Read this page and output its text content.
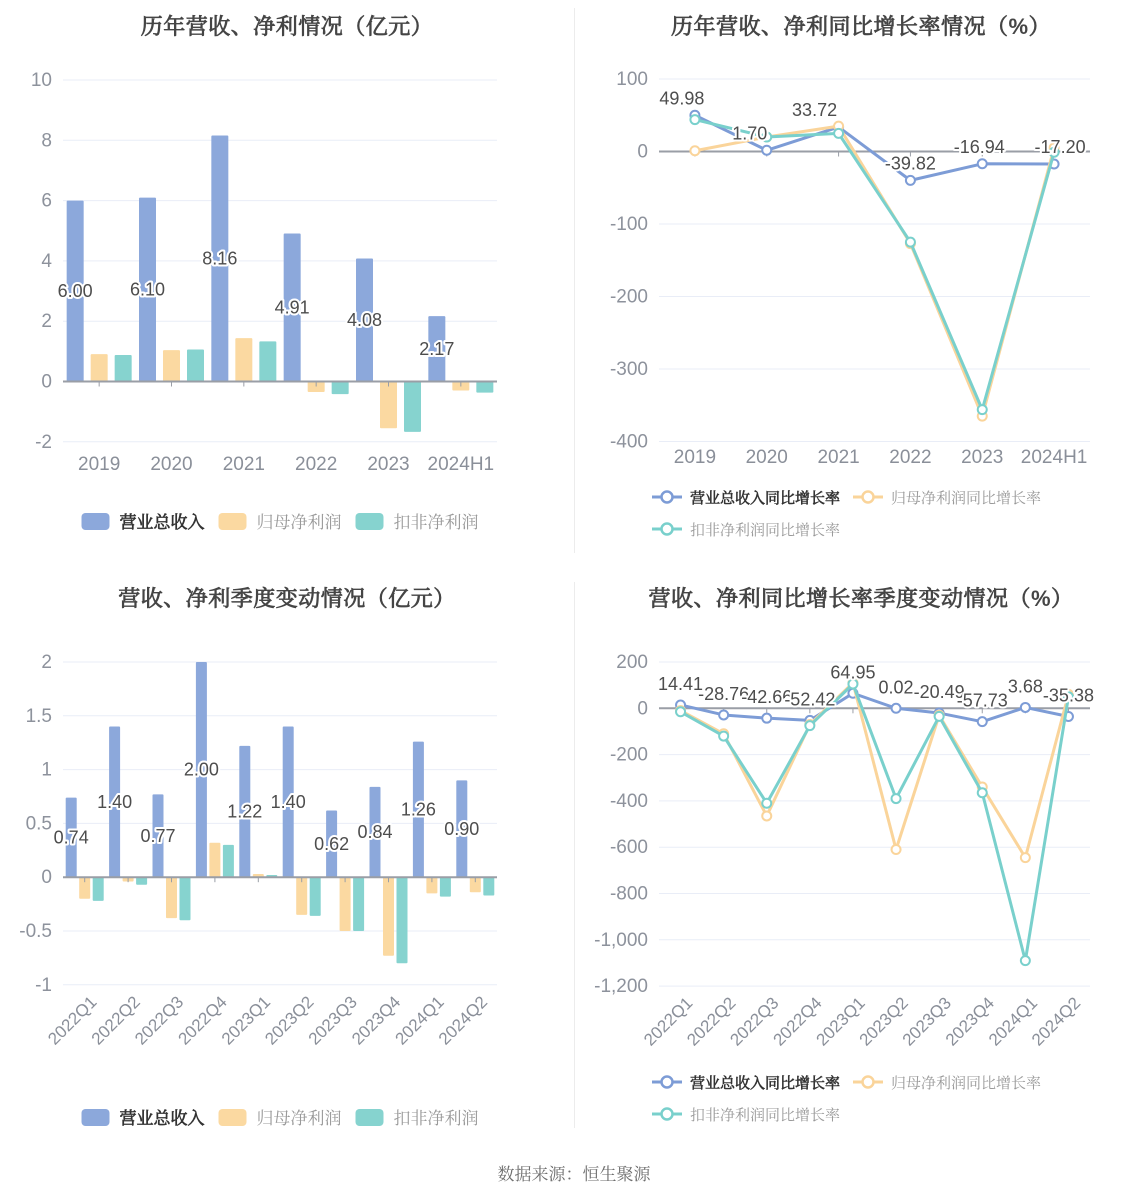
历年营收、净利情况（亿元）
10
8
6
4
2
0
-2
6.00 6.10
8.16
4.91
4.08
2.17
2019 2020 2021 2022 2023 2024H1
营业总收入	归母净利润	扣非净利润
历年营收、净利同比增长率情况（%）
100
0
-100
-200
-300
-400
49.98
1.70
33.72
-39.82
-16.94 -17.20
2019 2020 2021 2022 2023 2024H1
营业总收入同比增长率	归母净利润同比增长率
扣非净利润同比增长率
营收、净利季度变动情况（亿元）
2
1.5
1
0.5
0
-0.5
-1
0.74
1.40
0.77
2.00
1.22 1.40
0.62
0.84
1.26
0.90
2022Q1
2022Q2
2022Q3
2022Q4
2023Q1
2023Q2
2023Q3
2023Q4
2024Q1
2024Q2
营业总收入	归母净利润	扣非净利润
营收、净利同比增长率季度变动情况（%）
200
0
-200
-400
-600
-800
-1,000
-1,200
14.41
-28.76
-42.66
-52.42
64.95
0.02 -20.49
-57.73
3.68 -35.38
2022Q1
2022Q2
2022Q3
2022Q4
2023Q1
2023Q2
2023Q3
2023Q4
2024Q1
2024Q2
营业总收入同比增长率	归母净利润同比增长率
扣非净利润同比增长率
数据来源：恒生聚源
